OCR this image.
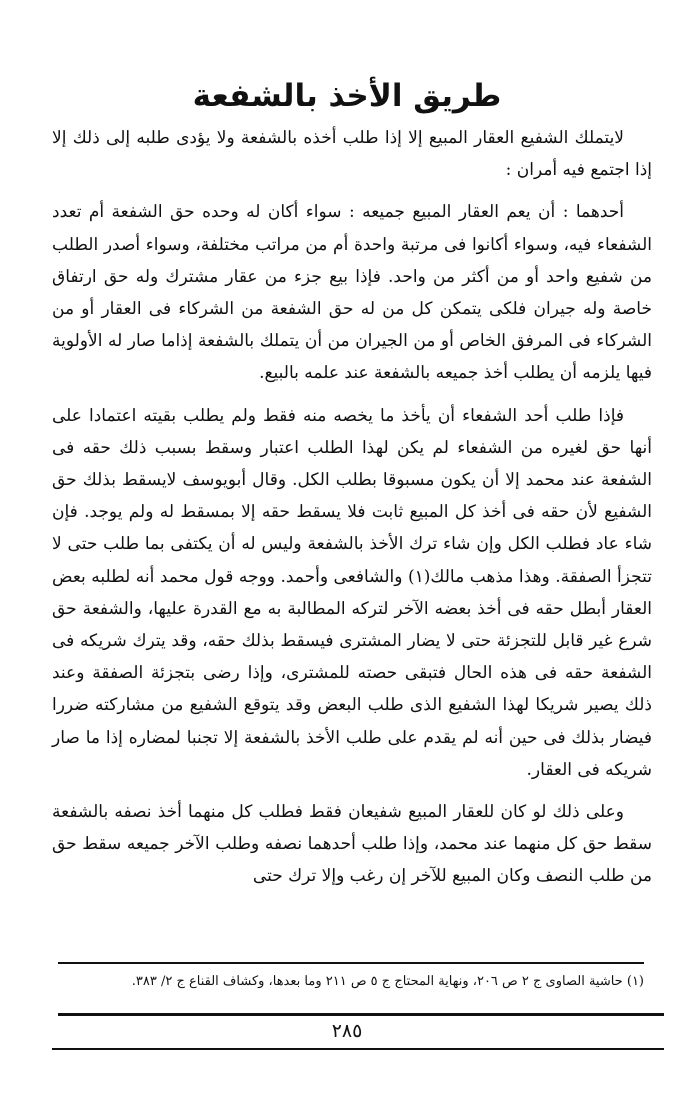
طريق الأخذ بالشفعة

لايتملك الشفيع العقار المبيع إلا إذا طلب أخذه بالشفعة ولا يؤدى طلبه إلى ذلك إلا إذا اجتمع فيه أمران :

أحدهما : أن يعم العقار المبيع جميعه : سواء أكان له وحده حق الشفعة أم تعدد الشفعاء فيه، وسواء أكانوا فى مرتبة واحدة أم من مراتب مختلفة، وسواء أصدر الطلب من شفيع واحد أو من أكثر من واحد. فإذا بيع جزء من عقار مشترك وله حق ارتفاق خاصة وله جيران فلكى يتمكن كل من له حق الشفعة من الشركاء فى العقار أو من الشركاء فى المرفق الخاص أو من الجيران من أن يتملك بالشفعة إذاما صار له الأولوية فيها يلزمه أن يطلب أخذ جميعه بالشفعة عند علمه بالبيع.

فإذا طلب أحد الشفعاء أن يأخذ ما يخصه منه فقط ولم يطلب بقيته اعتمادا على أنها حق لغيره من الشفعاء لم يكن لهذا الطلب اعتبار وسقط بسبب ذلك حقه فى الشفعة عند محمد إلا أن يكون مسبوقا بطلب الكل. وقال أبويوسف لايسقط بذلك حق الشفيع لأن حقه فى أخذ كل المبيع ثابت فلا يسقط حقه إلا بمسقط له ولم يوجد. فإن شاء عاد فطلب الكل وإن شاء ترك الأخذ بالشفعة وليس له أن يكتفى بما طلب حتى لا تتجزأ الصفقة. وهذا مذهب مالك(١) والشافعى وأحمد. ووجه قول محمد أنه لطلبه بعض العقار أبطل حقه فى أخذ بعضه الآخر لتركه المطالبة به مع القدرة عليها، والشفعة حق شرع غير قابل للتجزئة حتى لا يضار المشترى فيسقط بذلك حقه، وقد يترك شريكه فى الشفعة حقه فى هذه الحال فتبقى حصته للمشترى، وإذا رضى بتجزئة الصفقة وعند ذلك يصير شريكا لهذا الشفيع الذى طلب البعض وقد يتوقع الشفيع من مشاركته ضررا فيضار بذلك فى حين أنه لم يقدم على طلب الأخذ بالشفعة إلا تجنبا لمضاره إذا ما صار شريكه فى العقار.

وعلى ذلك لو كان للعقار المبيع شفيعان فقط فطلب كل منهما أخذ نصفه بالشفعة سقط حق كل منهما عند محمد، وإذا طلب أحدهما نصفه وطلب الآخر جميعه سقط حق من طلب النصف وكان المبيع للآخر إن رغب وإلا ترك حتى

(١) حاشية الصاوى ج ٢ ص ٢٠٦، ونهاية المحتاج ج ٥ ص ٢١١ وما بعدها، وكشاف القناع ج ٢/ ٣٨٣.
٢٨٥
